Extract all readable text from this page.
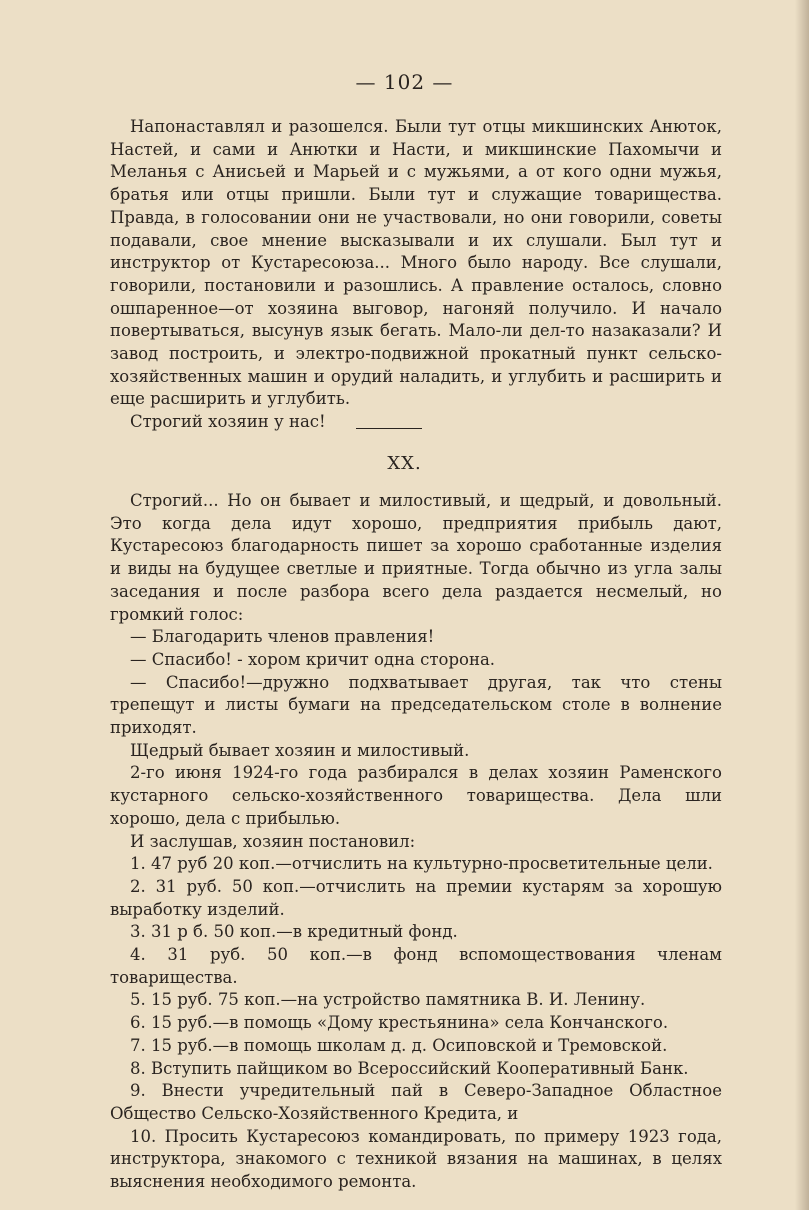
— 102 —

Напонаставлял и разошелся. Были тут отцы микшинских Анюток, Настей, и сами и Анютки и Насти, и микшинские Пахомычи и Меланья с Анисьей и Марьей и с мужьями, а от кого одни мужья, братья или отцы пришли. Были тут и служащие товарищества. Правда, в голосовании они не участвовали, но они говорили, советы подавали, свое мнение высказывали и их слушали. Был тут и инструктор от Кустаресоюза... Много было народу. Все слушали, говорили, постановили и разошлись. А правление осталось, словно ошпаренное—от хозяина выговор, нагоняй получило. И начало повертываться, высунув язык бегать. Мало-ли дел-то назаказали? И завод построить, и электро-подвижной прокатный пункт сельско-хозяйственных машин и орудий наладить, и углубить и расширить и еще расширить и углубить.

Строгий хозяин у нас!

XX.

Строгий... Но он бывает и милостивый, и щедрый, и довольный. Это когда дела идут хорошо, предприятия прибыль дают, Кустаресоюз благодарность пишет за хорошо сработанные изделия и виды на будущее светлые и приятные. Тогда обычно из угла залы заседания и после разбора всего дела раздается несмелый, но громкий голос:

— Благодарить членов правления!

— Спасибо! - хором кричит одна сторона.

— Спасибо!—дружно подхватывает другая, так что стены трепещут и листы бумаги на председательском столе в волнение приходят.

Щедрый бывает хозяин и милостивый.

2-го июня 1924-го года разбирался в делах хозяин Раменского кустарного сельско-хозяйственного товарищества. Дела шли хорошо, дела с прибылью.

И заслушав, хозяин постановил:

1. 47 руб 20 коп.—отчислить на культурно-просветительные цели.

2. 31 руб. 50 коп.—отчислить на премии кустарям за хорошую выработку изделий.

3. 31 р б. 50 коп.—в кредитный фонд.

4. 31 руб. 50 коп.—в фонд вспомоществования членам товарищества.

5. 15 руб. 75 коп.—на устройство памятника В. И. Ленину.

6. 15 руб.—в помощь «Дому крестьянина» села Кончанского.

7. 15 руб.—в помощь школам д. д. Осиповской и Тремовской.

8. Вступить пайщиком во Всероссийский Кооперативный Банк.

9. Внести учредительный пай в Северо-Западное Областное Общество Сельско-Хозяйственного Кредита, и

10. Просить Кустаресоюз командировать, по примеру 1923 года, инструктора, знакомого с техникой вязания на машинах, в целях выяснения необходимого ремонта.
